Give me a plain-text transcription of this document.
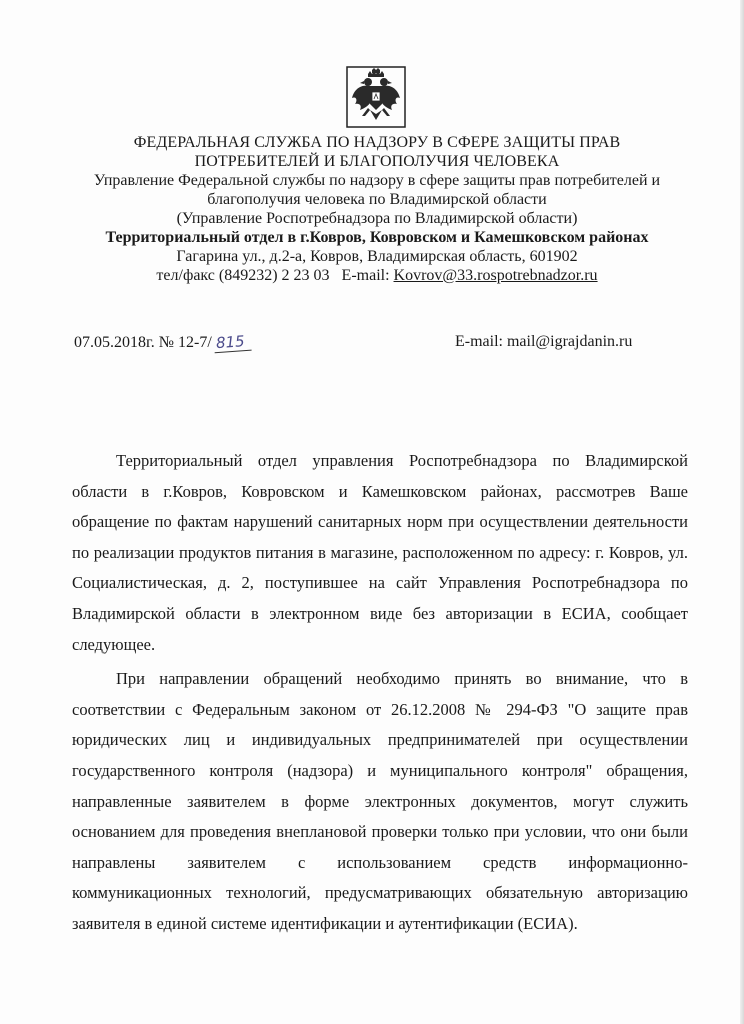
ФЕДЕРАЛЬНАЯ СЛУЖБА ПО НАДЗОРУ В СФЕРЕ ЗАЩИТЫ ПРАВ
ПОТРЕБИТЕЛЕЙ И БЛАГОПОЛУЧИЯ ЧЕЛОВЕКА
Управление Федеральной службы по надзору в сфере защиты прав потребителей и
благополучия человека по Владимирской области
(Управление Роспотребнадзора по Владимирской области)
Территориальный отдел в г.Ковров, Ковровском и Камешковском районах
Гагарина ул., д.2-а, Ковров, Владимирская область, 601902
тел/факс (849232) 2 23 03 E-mail: Kovrov@33.rospotrebnadzor.ru
07.05.2018г. № 12-7/ 815	E-mail: mail@igrajdanin.ru

Территориальный отдел управления Роспотребнадзора по Владимирской области в г.Ковров, Ковровском и Камешковском районах, рассмотрев Ваше обращение по фактам нарушений санитарных норм при осуществлении деятельности по реализации продуктов питания в магазине, расположенном по адресу: г. Ковров, ул. Социалистическая, д. 2, поступившее на сайт Управления Роспотребнадзора по Владимирской области в электронном виде без авторизации в ЕСИА, сообщает следующее.

При направлении обращений необходимо принять во внимание, что в соответствии с Федеральным законом от 26.12.2008 № 294-ФЗ "О защите прав юридических лиц и индивидуальных предпринимателей при осуществлении государственного контроля (надзора) и муниципального контроля" обращения, направленные заявителем в форме электронных документов, могут служить основанием для проведения внеплановой проверки только при условии, что они были направлены заявителем с использованием средств информационно-коммуникационных технологий, предусматривающих обязательную авторизацию заявителя в единой системе идентификации и аутентификации (ЕСИА).
